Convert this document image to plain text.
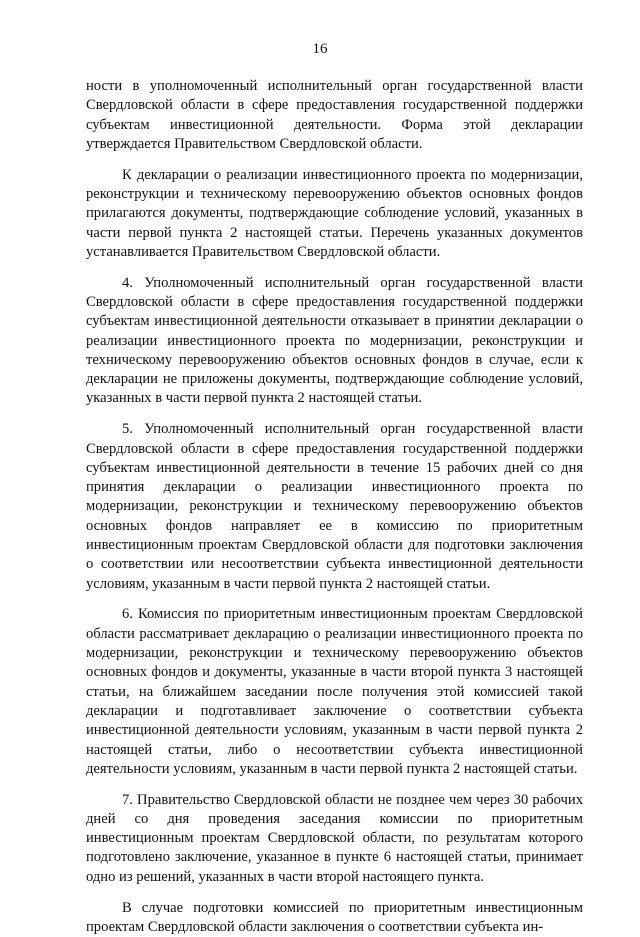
16

ности в уполномоченный исполнительный орган государственной власти Свердловской области в сфере предоставления государственной поддержки субъектам инвестиционной деятельности. Форма этой декларации утверждается Правительством Свердловской области.

К декларации о реализации инвестиционного проекта по модернизации, реконструкции и техническому перевооружению объектов основных фондов прилагаются документы, подтверждающие соблюдение условий, указанных в части первой пункта 2 настоящей статьи. Перечень указанных документов устанавливается Правительством Свердловской области.

4. Уполномоченный исполнительный орган государственной власти Свердловской области в сфере предоставления государственной поддержки субъектам инвестиционной деятельности отказывает в принятии декларации о реализации инвестиционного проекта по модернизации, реконструкции и техническому перевооружению объектов основных фондов в случае, если к декларации не приложены документы, подтверждающие соблюдение условий, указанных в части первой пункта 2 настоящей статьи.

5. Уполномоченный исполнительный орган государственной власти Свердловской области в сфере предоставления государственной поддержки субъектам инвестиционной деятельности в течение 15 рабочих дней со дня принятия декларации о реализации инвестиционного проекта по модернизации, реконструкции и техническому перевооружению объектов основных фондов направляет ее в комиссию по приоритетным инвестиционным проектам Свердловской области для подготовки заключения о соответствии или несоответствии субъекта инвестиционной деятельности условиям, указанным в части первой пункта 2 настоящей статьи.

6. Комиссия по приоритетным инвестиционным проектам Свердловской области рассматривает декларацию о реализации инвестиционного проекта по модернизации, реконструкции и техническому перевооружению объектов основных фондов и документы, указанные в части второй пункта 3 настоящей статьи, на ближайшем заседании после получения этой комиссией такой декларации и подготавливает заключение о соответствии субъекта инвестиционной деятельности условиям, указанным в части первой пункта 2 настоящей статьи, либо о несоответствии субъекта инвестиционной деятельности условиям, указанным в части первой пункта 2 настоящей статьи.

7. Правительство Свердловской области не позднее чем через 30 рабочих дней со дня проведения заседания комиссии по приоритетным инвестиционным проектам Свердловской области, по результатам которого подготовлено заключение, указанное в пункте 6 настоящей статьи, принимает одно из решений, указанных в части второй настоящего пункта.

В случае подготовки комиссией по приоритетным инвестиционным проектам Свердловской области заключения о соответствии субъекта ин-
